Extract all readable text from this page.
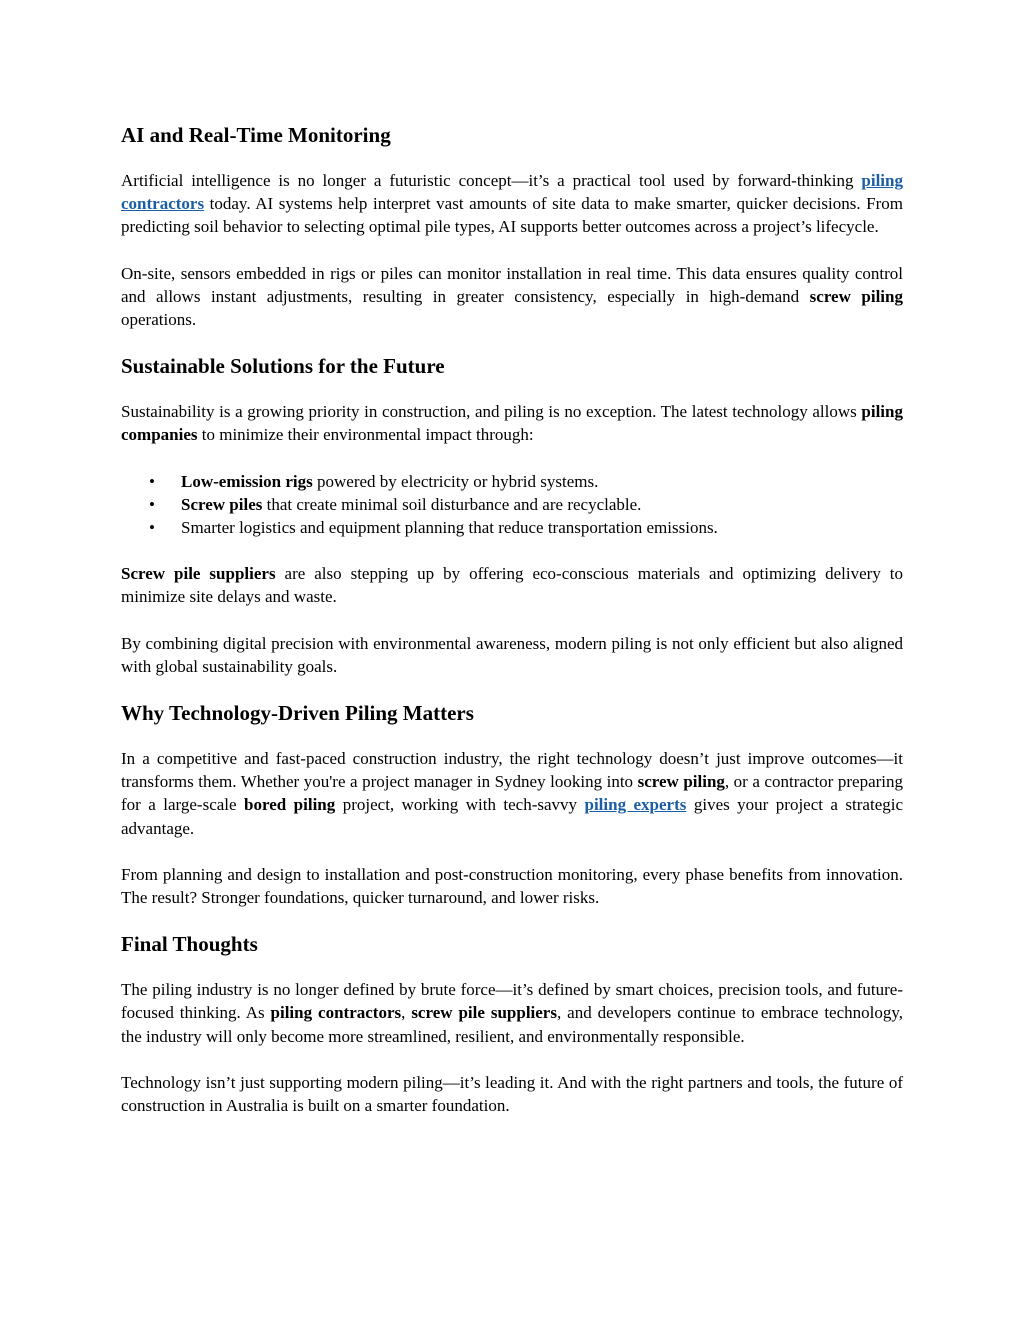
AI and Real-Time Monitoring

Artificial intelligence is no longer a futuristic concept—it’s a practical tool used by forward-thinking piling contractors today. AI systems help interpret vast amounts of site data to make smarter, quicker decisions. From predicting soil behavior to selecting optimal pile types, AI supports better outcomes across a project’s lifecycle.

On-site, sensors embedded in rigs or piles can monitor installation in real time. This data ensures quality control and allows instant adjustments, resulting in greater consistency, especially in high-demand screw piling operations.

Sustainable Solutions for the Future

Sustainability is a growing priority in construction, and piling is no exception. The latest technology allows piling companies to minimize their environmental impact through:

• Low-emission rigs powered by electricity or hybrid systems.
• Screw piles that create minimal soil disturbance and are recyclable.
• Smarter logistics and equipment planning that reduce transportation emissions.

Screw pile suppliers are also stepping up by offering eco-conscious materials and optimizing delivery to minimize site delays and waste.

By combining digital precision with environmental awareness, modern piling is not only efficient but also aligned with global sustainability goals.

Why Technology-Driven Piling Matters

In a competitive and fast-paced construction industry, the right technology doesn’t just improve outcomes—it transforms them. Whether you're a project manager in Sydney looking into screw piling, or a contractor preparing for a large-scale bored piling project, working with tech-savvy piling experts gives your project a strategic advantage.

From planning and design to installation and post-construction monitoring, every phase benefits from innovation. The result? Stronger foundations, quicker turnaround, and lower risks.

Final Thoughts

The piling industry is no longer defined by brute force—it’s defined by smart choices, precision tools, and future-focused thinking. As piling contractors, screw pile suppliers, and developers continue to embrace technology, the industry will only become more streamlined, resilient, and environmentally responsible.

Technology isn’t just supporting modern piling—it’s leading it. And with the right partners and tools, the future of construction in Australia is built on a smarter foundation.
